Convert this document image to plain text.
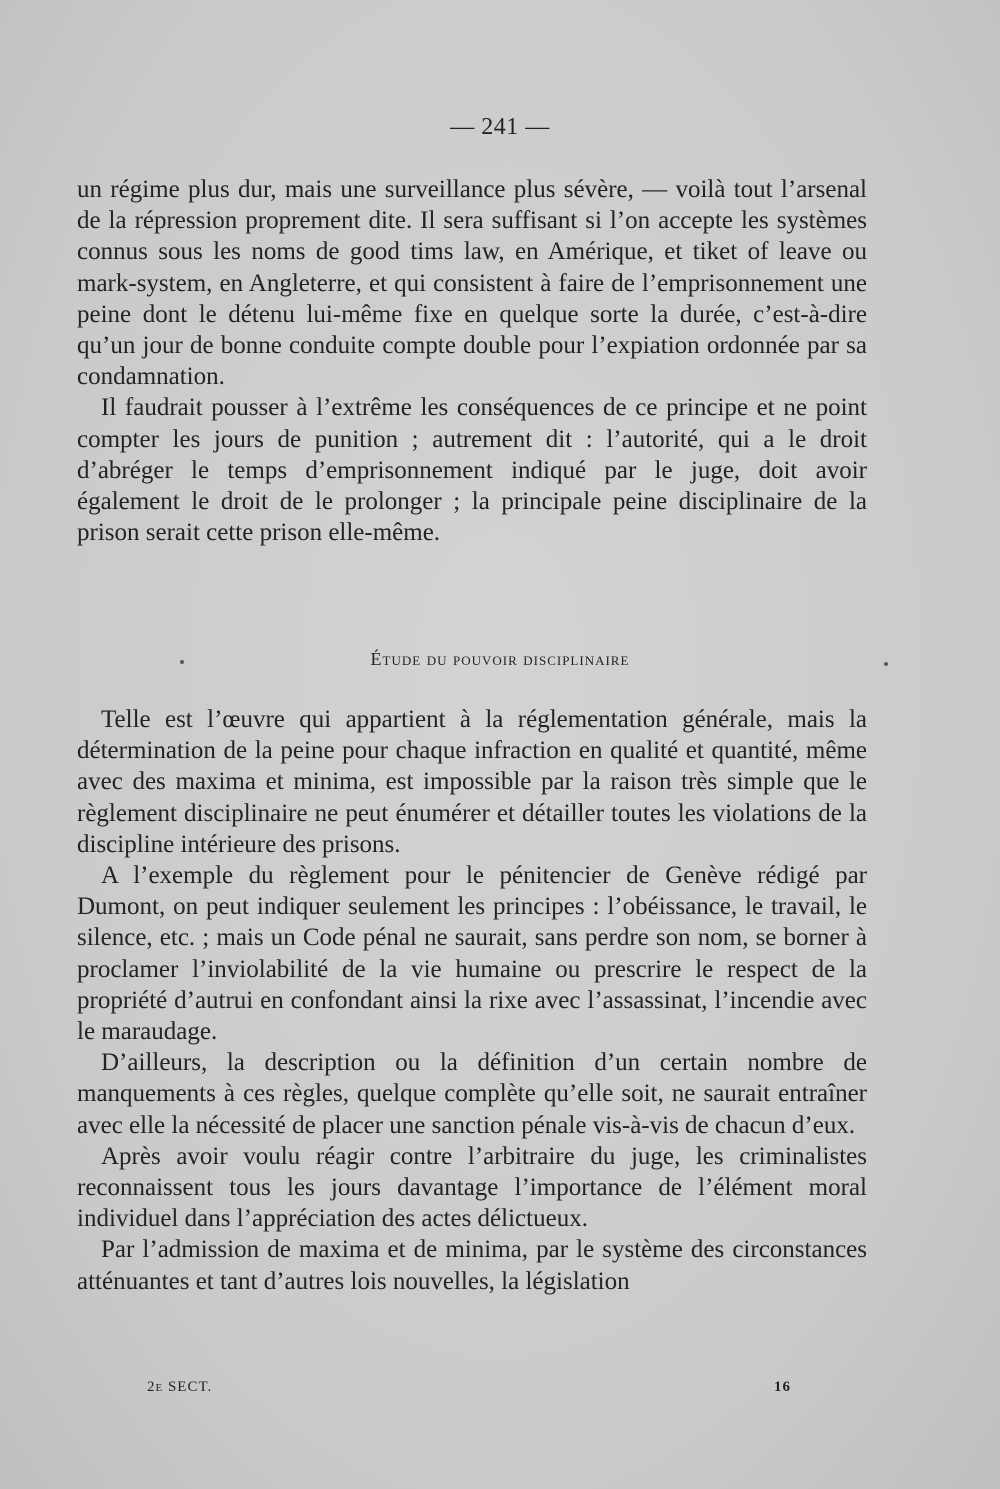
— 241 —

un régime plus dur, mais une surveillance plus sévère, — voilà tout l’arsenal de la répression proprement dite. Il sera suffisant si l’on accepte les systèmes connus sous les noms de good tims law, en Amérique, et tiket of leave ou mark-system, en Angleterre, et qui consistent à faire de l’emprisonnement une peine dont le détenu lui-même fixe en quelque sorte la durée, c’est-à-dire qu’un jour de bonne conduite compte double pour l’expiation ordonnée par sa condamnation.

Il faudrait pousser à l’extrême les conséquences de ce principe et ne point compter les jours de punition ; autrement dit : l’autorité, qui a le droit d’abréger le temps d’emprisonnement indiqué par le juge, doit avoir également le droit de le prolonger ; la principale peine disciplinaire de la prison serait cette prison elle-même.

Étude du pouvoir disciplinaire

Telle est l’œuvre qui appartient à la réglementation générale, mais la détermination de la peine pour chaque infraction en qualité et quantité, même avec des maxima et minima, est impossible par la raison très simple que le règlement disciplinaire ne peut énumérer et détailler toutes les violations de la discipline intérieure des prisons.

A l’exemple du règlement pour le pénitencier de Genève rédigé par Dumont, on peut indiquer seulement les principes : l’obéissance, le travail, le silence, etc. ; mais un Code pénal ne saurait, sans perdre son nom, se borner à proclamer l’inviolabilité de la vie humaine ou prescrire le respect de la propriété d’autrui en confondant ainsi la rixe avec l’assassinat, l’incendie avec le maraudage.

D’ailleurs, la description ou la définition d’un certain nombre de manquements à ces règles, quelque complète qu’elle soit, ne saurait entraîner avec elle la nécessité de placer une sanction pénale vis-à-vis de chacun d’eux.

Après avoir voulu réagir contre l’arbitraire du juge, les criminalistes reconnaissent tous les jours davantage l’importance de l’élément moral individuel dans l’appréciation des actes délictueux.

Par l’admission de maxima et de minima, par le système des circonstances atténuantes et tant d’autres lois nouvelles, la législation

2e SECT.	16
